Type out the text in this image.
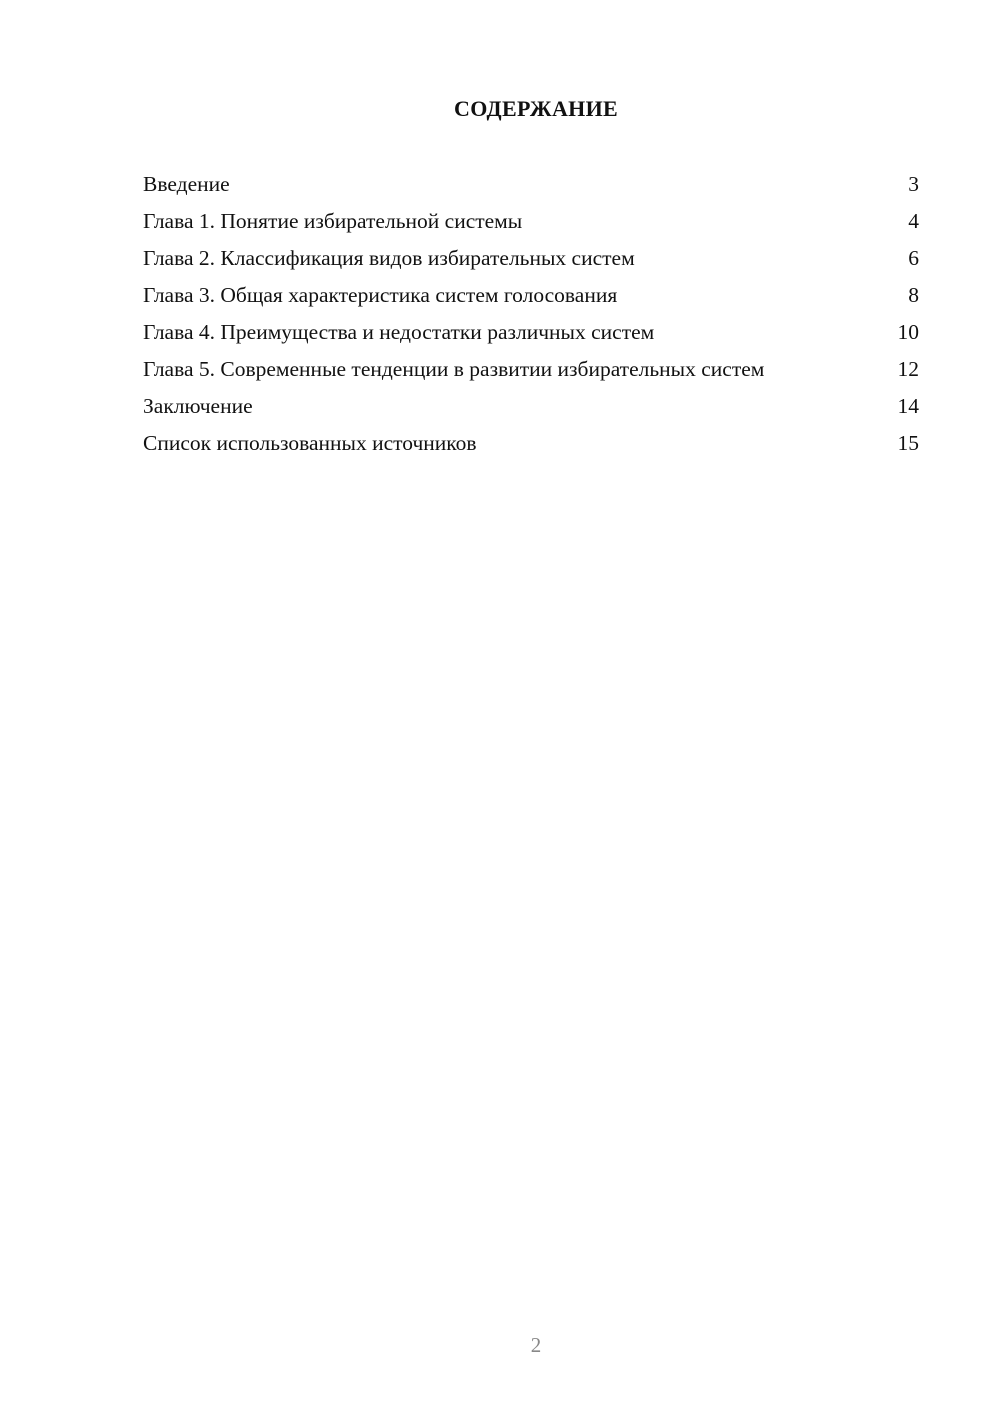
СОДЕРЖАНИЕ
Введение	3
Глава 1. Понятие избирательной системы	4
Глава 2. Классификация видов избирательных систем	6
Глава 3. Общая характеристика систем голосования	8
Глава 4. Преимущества и недостатки различных систем	10
Глава 5. Современные тенденции в развитии избирательных систем	12
Заключение	14
Список использованных источников	15
2
